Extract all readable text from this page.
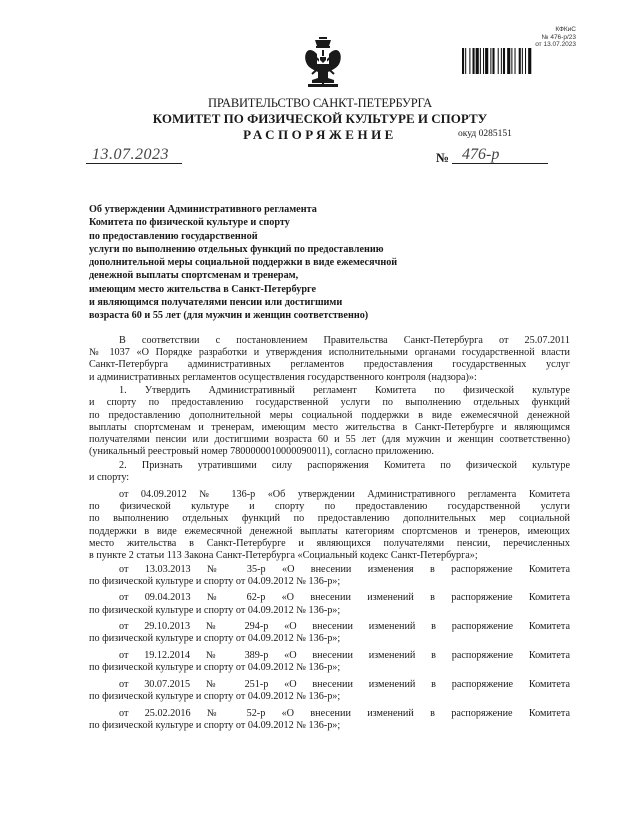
КФКиС
№ 476-р/23
от 13.07.2023
ПРАВИТЕЛЬСТВО САНКТ-ПЕТЕРБУРГА
КОМИТЕТ ПО ФИЗИЧЕСКОЙ КУЛЬТУРЕ И СПОРТУ
РАСПОРЯЖЕНИЕ	окуд 0285151
13.07.2023	№ 476-р
Об утверждении Административного регламента
Комитета по физической культуре и спорту
по предоставлению государственной
услуги по выполнению отдельных функций по предоставлению
дополнительной меры социальной поддержки в виде ежемесячной
денежной выплаты спортсменам и тренерам,
имеющим место жительства в Санкт-Петербурге
и являющимся получателями пенсии или достигшими
возраста 60 и 55 лет (для мужчин и женщин соответственно)

В соответствии с постановлением Правительства Санкт-Петербурга от 25.07.2011

№ 1037 «О Порядке разработки и утверждения исполнительными органами государственной власти

Санкт-Петербурга административных регламентов предоставления государственных услуг

и административных регламентов осуществления государственного контроля (надзора)»:

1. Утвердить Административный регламент Комитета по физической культуре

и спорту по предоставлению государственной услуги по выполнению отдельных функций

по предоставлению дополнительной меры социальной поддержки в виде ежемесячной денежной

выплаты спортсменам и тренерам, имеющим место жительства в Санкт-Петербурге и являющимся

получателями пенсии или достигшими возраста 60 и 55 лет (для мужчин и женщин соответственно)

(уникальный реестровый номер 7800000010000090011), согласно приложению.

2. Признать утратившими силу распоряжения Комитета по физической культуре

и спорту:

от 04.09.2012 № 136-р «Об утверждении Административного регламента Комитета

по физической культуре и спорту по предоставлению государственной услуги

по выполнению отдельных функций по предоставлению дополнительных мер социальной

поддержки в виде ежемесячной денежной выплаты категориям спортсменов и тренеров, имеющих

место жительства в Санкт-Петербурге и являющихся получателями пенсии, перечисленных

в пункте 2 статьи 113 Закона Санкт-Петербурга «Социальный кодекс Санкт-Петербурга»;

от 13.03.2013 № 35-р «О внесении изменения в распоряжение Комитета

по физической культуре и спорту от 04.09.2012 № 136-р»;

от 09.04.2013 № 62-р «О внесении изменений в распоряжение Комитета

по физической культуре и спорту от 04.09.2012 № 136-р»;

от 29.10.2013 № 294-р «О внесении изменений в распоряжение Комитета

по физической культуре и спорту от 04.09.2012 № 136-р»;

от 19.12.2014 № 389-р «О внесении изменений в распоряжение Комитета

по физической культуре и спорту от 04.09.2012 № 136-р»;

от 30.07.2015 № 251-р «О внесении изменений в распоряжение Комитета

по физической культуре и спорту от 04.09.2012 № 136-р»;

от 25.02.2016 № 52-р «О внесении изменений в распоряжение Комитета

по физической культуре и спорту от 04.09.2012 № 136-р»;
